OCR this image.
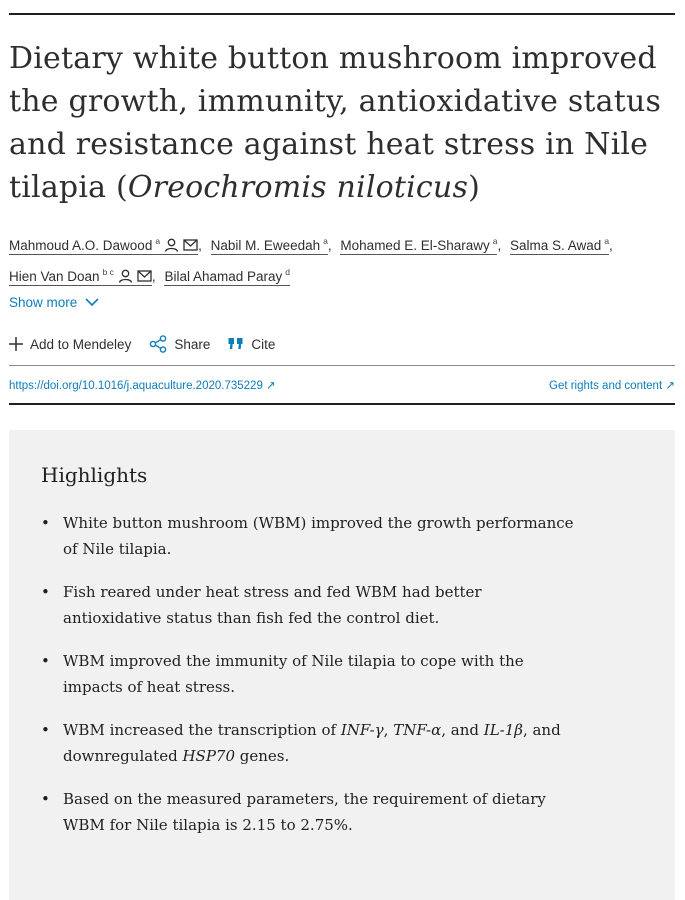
Dietary white button mushroom improved the growth, immunity, antioxidative status and resistance against heat stress in Nile tilapia (Oreochromis niloticus)
Mahmoud A.O. Dawood $^a$	, Nabil M. Eweedah $^a$, Mohamed E. El-Sharawy $^a$, Salma S. Awad $^a$, Hien Van Doan $^{b c}$	, Bilal Ahamad Paray $^d$
Show more
Add to Mendeley	Share	Cite
https://doi.org/10.1016/j.aquaculture.2020.735229 ↗	Get rights and content ↗
Highlights
• White button mushroom (WBM) improved the growth performance of Nile tilapia.
• Fish reared under heat stress and fed WBM had better antioxidative status than fish fed the control diet.
• WBM improved the immunity of Nile tilapia to cope with the impacts of heat stress.
• WBM increased the transcription of INF-γ, TNF-α, and IL-1β, and downregulated HSP70 genes.
• Based on the measured parameters, the requirement of dietary WBM for Nile tilapia is 2.15 to 2.75%.
